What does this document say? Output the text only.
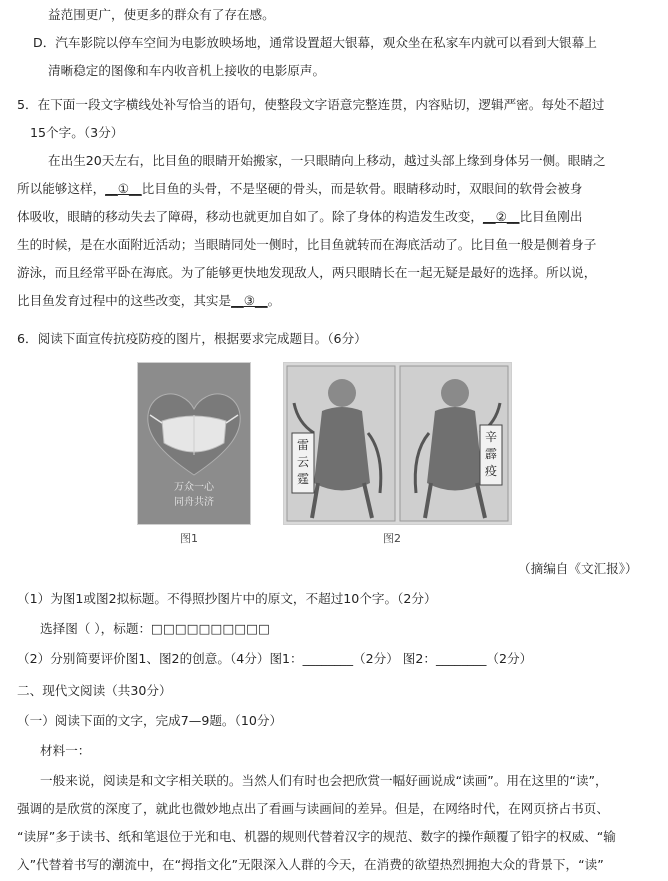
益范围更广，使更多的群众有了存在感。
D．汽车影院以停车空间为电影放映场地，通常设置超大银幕，观众坐在私家车内就可以看到大银幕上
清晰稳定的图像和车内收音机上接收的电影原声。
5．在下面一段文字横线处补写恰当的语句，使整段文字语意完整连贯，内容贴切，逻辑严密。每处不超过
15个字。（3分）
在出生20天左右，比目鱼的眼睛开始搬家，一只眼睛向上移动，越过头部上缘到身体另一侧。眼睛之
所以能够这样，__①__比目鱼的头骨，不是坚硬的骨头，而是软骨。眼睛移动时，双眼间的软骨会被身
体吸收，眼睛的移动失去了障碍，移动也就更加自如了。除了身体的构造发生改变，__②__比目鱼刚出
生的时候，是在水面附近活动；当眼睛同处一侧时，比目鱼就转而在海底活动了。比目鱼一般是侧着身子
游泳，而且经常平卧在海底。为了能够更快地发现敌人，两只眼睛长在一起无疑是最好的选择。所以说，
比目鱼发育过程中的这些改变，其实是__③__。
6．阅读下面宣传抗疫防疫的图片，根据要求完成题目。（6分）
万众一心
同舟共济
图1
雷云霆
辛霹疫
图2
（摘编自《文汇报》）
（1）为图1或图2拟标题。不得照抄图片中的原文，不超过10个字。（2分）
选择图（ ），标题：□□□□□□□□□□
（2）分别简要评价图1、图2的创意。（4分）图1：________（2分） 图2：________（2分）
二、现代文阅读（共30分）
（一）阅读下面的文字，完成7—9题。（10分）
材料一：
一般来说，阅读是和文字相关联的。当然人们有时也会把欣赏一幅好画说成“读画”。用在这里的“读”，
强调的是欣赏的深度了，就此也微妙地点出了看画与读画间的差异。但是，在网络时代，在网页挤占书页、
“读屏”多于读书、纸和笔退位于光和电、机器的规则代替着汉字的规范、数字的操作颠覆了铅字的权威、“输
入”代替着书写的潮流中，在“拇指文化”无限深入人群的今天，在消费的欲望热烈拥抱大众的背景下，“读”
